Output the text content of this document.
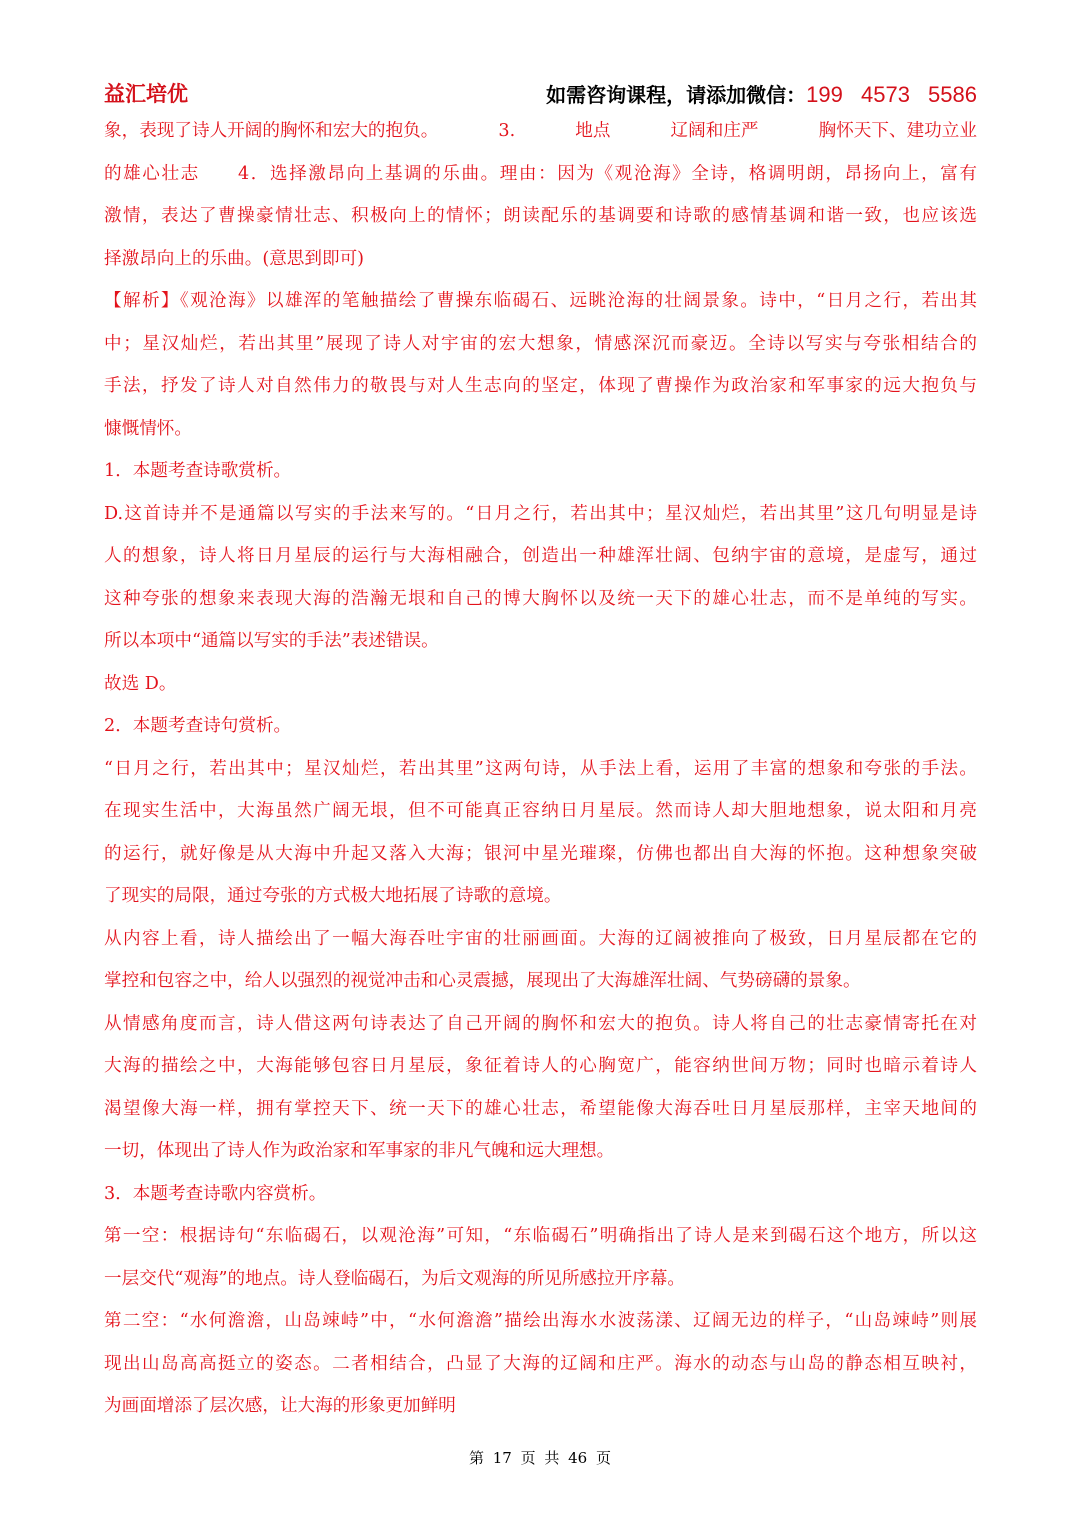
益汇培优	如需咨询课程，请添加微信：199 4573 5586
象，表现了诗人开阔的胸怀和宏大的抱负。	3.	地点	辽阔和庄严	胸怀天下、建功立业
的雄心壮志　　4．选择激昂向上基调的乐曲。理由：因为《观沧海》全诗，格调明朗，昂扬向上，富有
激情，表达了曹操豪情壮志、积极向上的情怀；朗读配乐的基调要和诗歌的感情基调和谐一致，也应该选
择激昂向上的乐曲。(意思到即可)
【解析】《观沧海》以雄浑的笔触描绘了曹操东临碣石、远眺沧海的壮阔景象。诗中，“日月之行，若出其
中；星汉灿烂，若出其里”展现了诗人对宇宙的宏大想象，情感深沉而豪迈。全诗以写实与夸张相结合的
手法，抒发了诗人对自然伟力的敬畏与对人生志向的坚定，体现了曹操作为政治家和军事家的远大抱负与
慷慨情怀。
1．本题考查诗歌赏析。
D.这首诗并不是通篇以写实的手法来写的。“日月之行，若出其中；星汉灿烂，若出其里”这几句明显是诗
人的想象，诗人将日月星辰的运行与大海相融合，创造出一种雄浑壮阔、包纳宇宙的意境，是虚写，通过
这种夸张的想象来表现大海的浩瀚无垠和自己的博大胸怀以及统一天下的雄心壮志，而不是单纯的写实。
所以本项中“通篇以写实的手法”表述错误。
故选 D。
2．本题考查诗句赏析。
“日月之行，若出其中；星汉灿烂，若出其里”这两句诗，从手法上看，运用了丰富的想象和夸张的手法。
在现实生活中，大海虽然广阔无垠，但不可能真正容纳日月星辰。然而诗人却大胆地想象，说太阳和月亮
的运行，就好像是从大海中升起又落入大海；银河中星光璀璨，仿佛也都出自大海的怀抱。这种想象突破
了现实的局限，通过夸张的方式极大地拓展了诗歌的意境。
从内容上看，诗人描绘出了一幅大海吞吐宇宙的壮丽画面。大海的辽阔被推向了极致，日月星辰都在它的
掌控和包容之中，给人以强烈的视觉冲击和心灵震撼，展现出了大海雄浑壮阔、气势磅礴的景象。
从情感角度而言，诗人借这两句诗表达了自己开阔的胸怀和宏大的抱负。诗人将自己的壮志豪情寄托在对
大海的描绘之中，大海能够包容日月星辰，象征着诗人的心胸宽广，能容纳世间万物；同时也暗示着诗人
渴望像大海一样，拥有掌控天下、统一天下的雄心壮志，希望能像大海吞吐日月星辰那样，主宰天地间的
一切，体现出了诗人作为政治家和军事家的非凡气魄和远大理想。
3．本题考查诗歌内容赏析。
第一空：根据诗句“东临碣石，以观沧海”可知，“东临碣石”明确指出了诗人是来到碣石这个地方，所以这
一层交代“观海”的地点。诗人登临碣石，为后文观海的所见所感拉开序幕。
第二空：“水何澹澹，山岛竦峙”中，“水何澹澹”描绘出海水水波荡漾、辽阔无边的样子，“山岛竦峙”则展
现出山岛高高挺立的姿态。二者相结合，凸显了大海的辽阔和庄严。海水的动态与山岛的静态相互映衬，
为画面增添了层次感，让大海的形象更加鲜明
第 17 页 共 46 页
